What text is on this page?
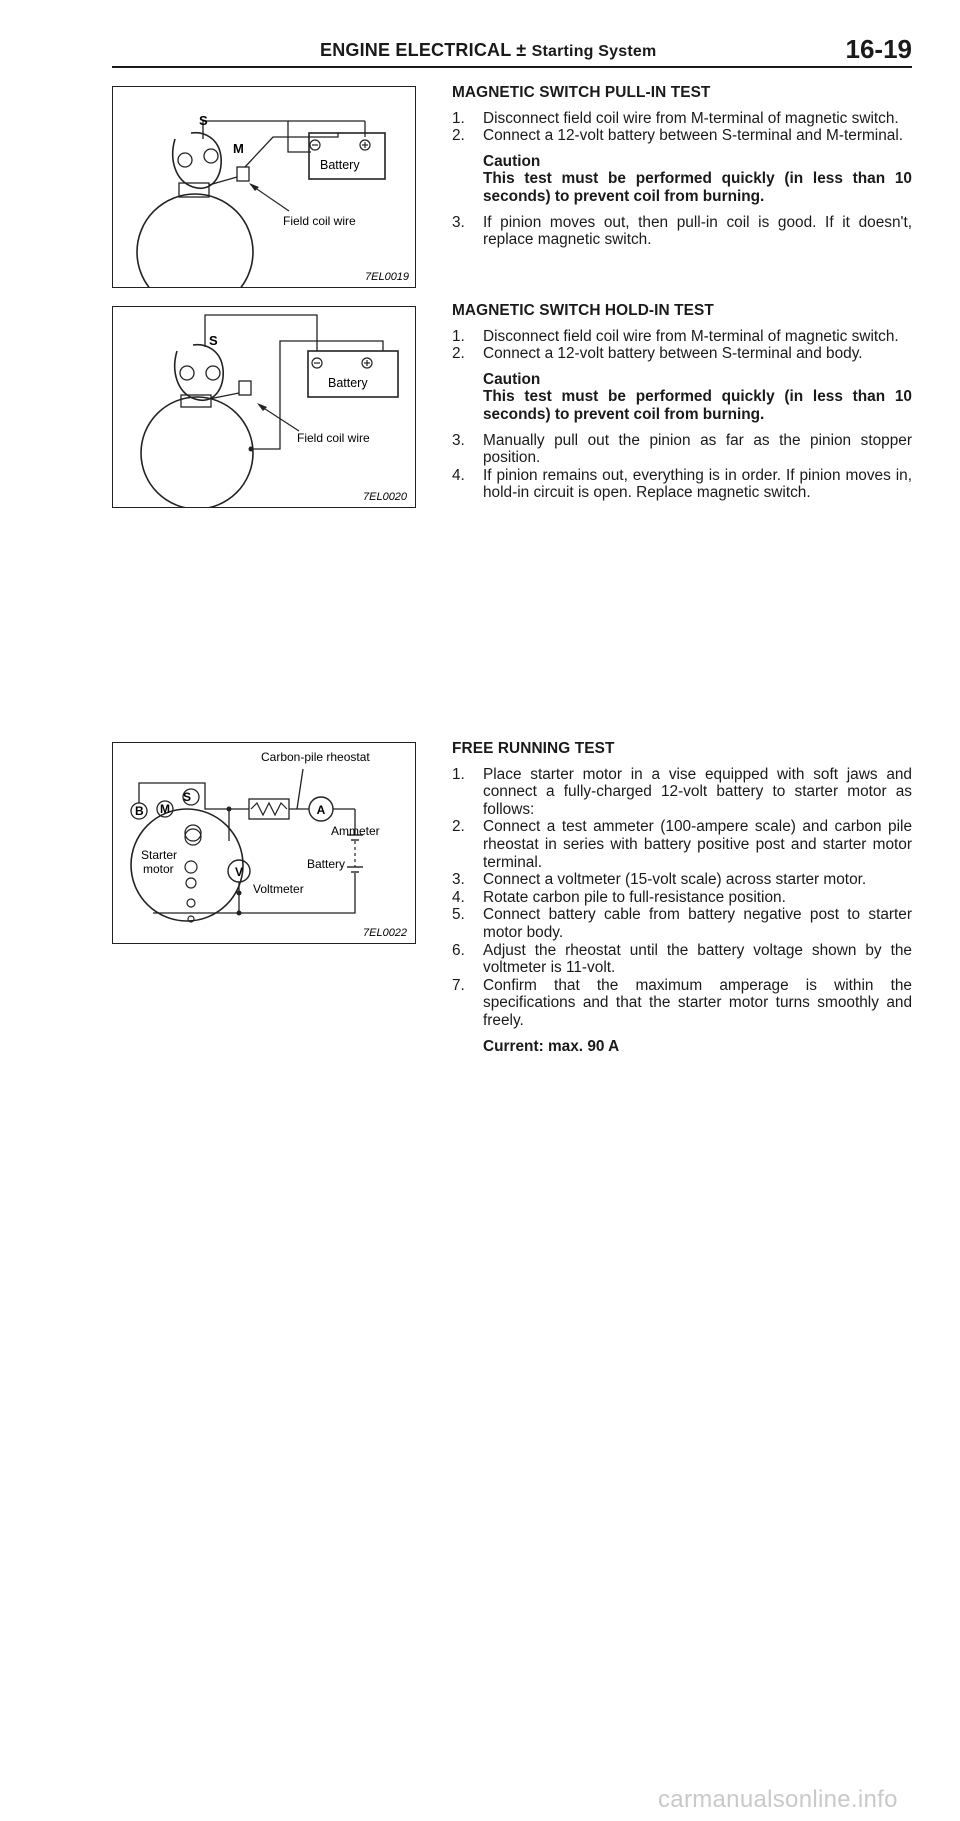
ENGINE ELECTRICAL ± Starting System	16-19
S
M
Battery
Field coil wire
7EL0019
S
Battery
Field coil wire
7EL0020
Carbon-pile rheostat
S
B M	A
V
Ammeter
Battery
Starter
motor
Voltmeter
7EL0022
MAGNETIC SWITCH PULL-IN TEST
1. Disconnect field coil wire from M-terminal of magnetic switch.
2. Connect a 12-volt battery between S-terminal and M-terminal.
Caution
This test must be performed quickly (in less than 10 seconds) to prevent coil from burning.
3. If pinion moves out, then pull-in coil is good. If it doesn't, replace magnetic switch.
MAGNETIC SWITCH HOLD-IN TEST
1. Disconnect field coil wire from M-terminal of magnetic switch.
2. Connect a 12-volt battery between S-terminal and body.
Caution
This test must be performed quickly (in less than 10 seconds) to prevent coil from burning.
3. Manually pull out the pinion as far as the pinion stopper position.
4. If pinion remains out, everything is in order. If pinion moves in, hold-in circuit is open. Replace magnetic switch.
FREE RUNNING TEST
1. Place starter motor in a vise equipped with soft jaws and connect a fully-charged 12-volt battery to starter motor as follows:
2. Connect a test ammeter (100-ampere scale) and carbon pile rheostat in series with battery positive post and starter motor terminal.
3. Connect a voltmeter (15-volt scale) across starter motor.
4. Rotate carbon pile to full-resistance position.
5. Connect battery cable from battery negative post to starter motor body.
6. Adjust the rheostat until the battery voltage shown by the voltmeter is 11-volt.
7. Confirm that the maximum amperage is within the specifications and that the starter motor turns smoothly and freely.
Current: max. 90 A
carmanualsonline.info
